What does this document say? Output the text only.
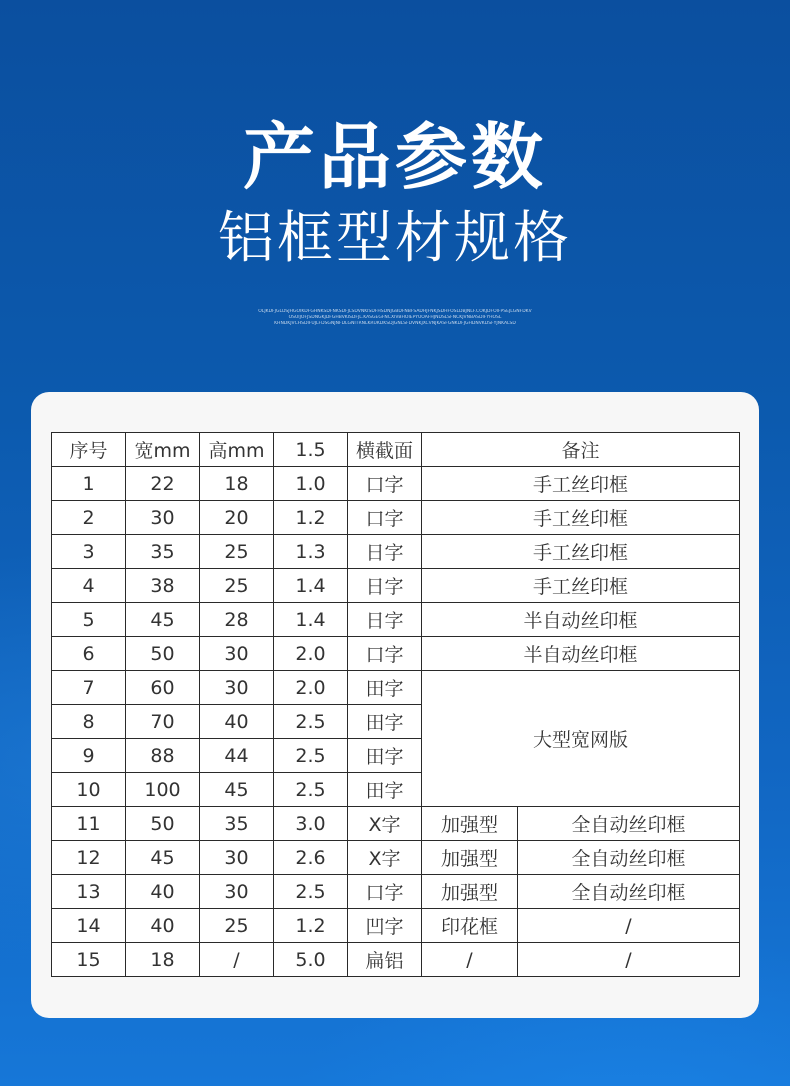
产品参数
铝框型材规格
OLJKDFJGLDSJHGOIKDFGHNKSDFNKSDFJLSDVNKISDFHSDNJGBDFNBFSADHJFNKJSDHFOSLDBJNLF.COKJDFOIFPSEJLGNFDKV
OSUIJOFJSDNGKJDFGHBVKISDFJL.KASGEGFNCXIVBHOIEPYUOAFHJNDSLSFNCKJVNBASDIFYHOSL
KHNDKJVCHSDIFUJLFDSGNJNFDLGNITRNLKRUKDKSDJGNLSFDVNKJXCVNJKASFGNKDFJGHDNVKDSFYJNKALSD
序号	宽mm	高mm	1.5	横截面	备注	
1	22	18	1.0	口字	手工丝印框	
2	30	20	1.2	口字	手工丝印框	
3	35	25	1.3	日字	手工丝印框	
4	38	25	1.4	日字	手工丝印框	
5	45	28	1.4	日字	半自动丝印框	
6	50	30	2.0	口字	半自动丝印框	
7	60	30	2.0	田字	大型宽网版	
8	70	40	2.5	田字		
9	88	44	2.5	田字		
10	100	45	2.5	田字		
11	50	35	3.0	X字	加强型	全自动丝印框
12	45	30	2.6	X字	加强型	全自动丝印框
13	40	30	2.5	口字	加强型	全自动丝印框
14	40	25	1.2	凹字	印花框	/
15	18	/	5.0	扁铝	/	/
